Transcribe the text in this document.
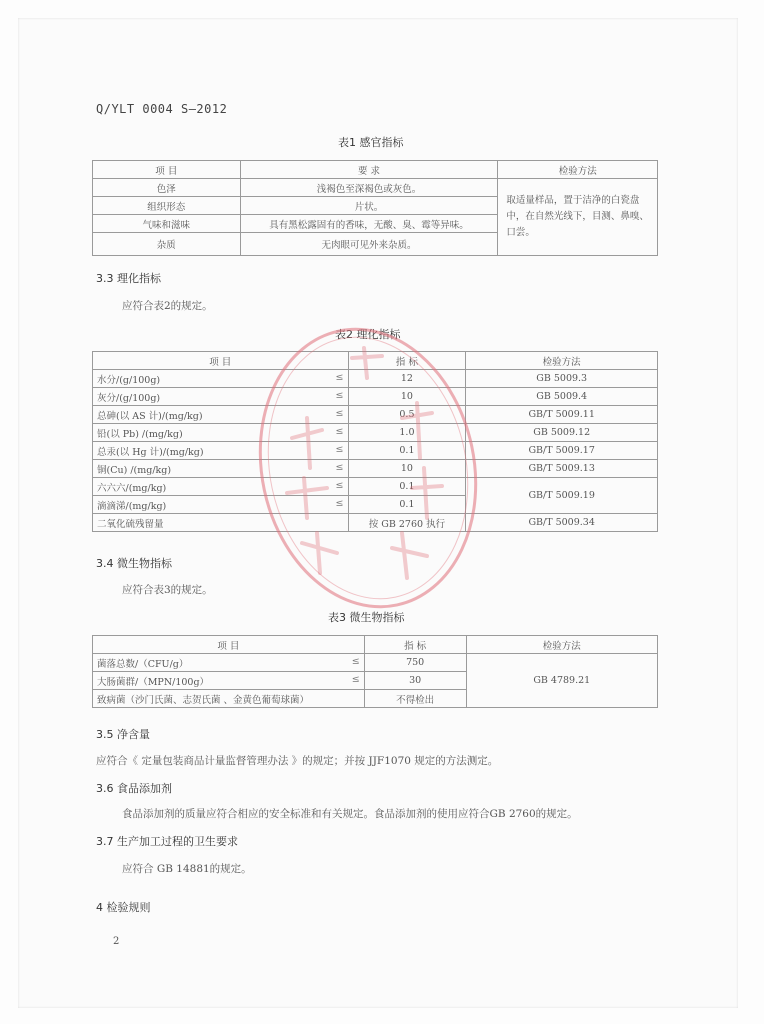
Q/YLT 0004 S—2012
表1 感官指标
项 目	要 求	检验方法
色泽	浅褐色至深褐色或灰色。	取适量样品，置于洁净的白瓷盘中，在自然光线下，目测、鼻嗅、口尝。
组织形态	片状。	
气味和滋味	具有黑松露固有的香味，无酸、臭、霉等异味。	
杂质	无肉眼可见外来杂质。	
3.3 理化指标
应符合表2的规定。
表2 理化指标
项 目	指 标	检验方法
水分/(g/100g) ≤	12	GB 5009.3
灰分/(g/100g) ≤	10	GB 5009.4
总砷(以 AS 计)/(mg/kg) ≤	0.5	GB/T 5009.11
铅(以 Pb) /(mg/kg) ≤	1.0	GB 5009.12
总汞(以 Hg 计)/(mg/kg) ≤	0.1	GB/T 5009.17
铜(Cu) /(mg/kg) ≤	10	GB/T 5009.13
六六六/(mg/kg) ≤	0.1	GB/T 5009.19
滴滴涕/(mg/kg) ≤	0.1	
二氧化硫残留量	按 GB 2760 执行	GB/T 5009.34
3.4 微生物指标
应符合表3的规定。
表3 微生物指标
项 目	指 标	检验方法
菌落总数/（CFU/g） ≤	750	GB 4789.21
大肠菌群/（MPN/100g） ≤	30	
致病菌（沙门氏菌、志贺氏菌 、金黄色葡萄球菌）	不得检出	
3.5 净含量
应符合《 定量包装商品计量监督管理办法 》的规定；并按 JJF1070 规定的方法测定。
3.6 食品添加剂
食品添加剂的质量应符合相应的安全标准和有关规定。食品添加剂的使用应符合GB 2760的规定。
3.7 生产加工过程的卫生要求
应符合 GB 14881的规定。
4 检验规则
2
